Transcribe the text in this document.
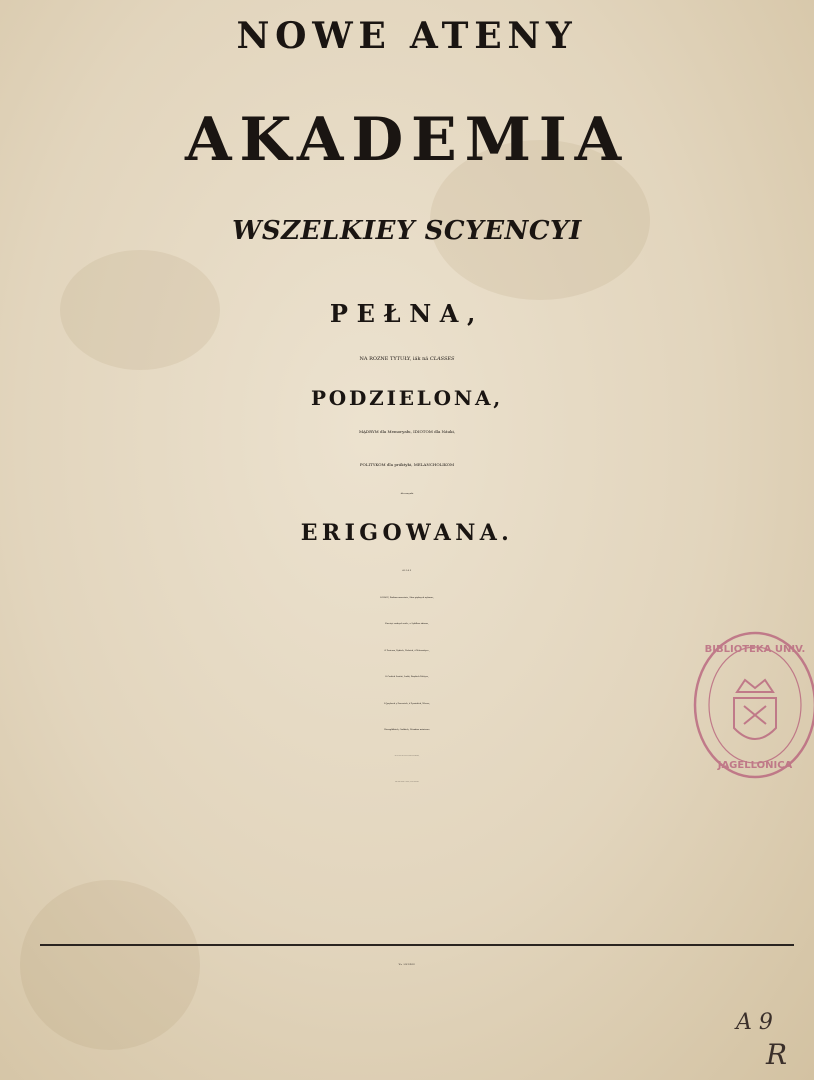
NOWE ATENY
AKADEMIA
WSZELKIEY SCYENCYI
PEŁNA,
NA ROZNE TYTUŁY, iák ná CLASSES
PODZIELONA,
MĄDRYM dla Memoryału, IDIOTOM dla Náuki,
POLITYKOM dla práktyki, MELANCHOLIKOM
dla rozrywki
ERIGOWANA.
ALIAS
O BOGU, Bożkow mnostwie, Słow pięknych wyborze,
Kwestyi cudnych wiele, o Sybillow zbiorze,
O Zwierzu, Rybách, Ptakách, ô Mátemátyce,
O Cudách Swiátá, Ludźi, Rządách Polityce,
O Językach y Drzewách, ô Zywiołách, Wierze,
Hieroglifikách, Gadkách, Národow mánierze;
Co Kray ktory ma w sobie dźiwnych Ciekáwośći,
Cáły Swiát opisany z gruntu, w Słow krotkośći.
We LWOWIE
BIBLIOTEKA UNIV.
JAGELLONICA
A 9
R
